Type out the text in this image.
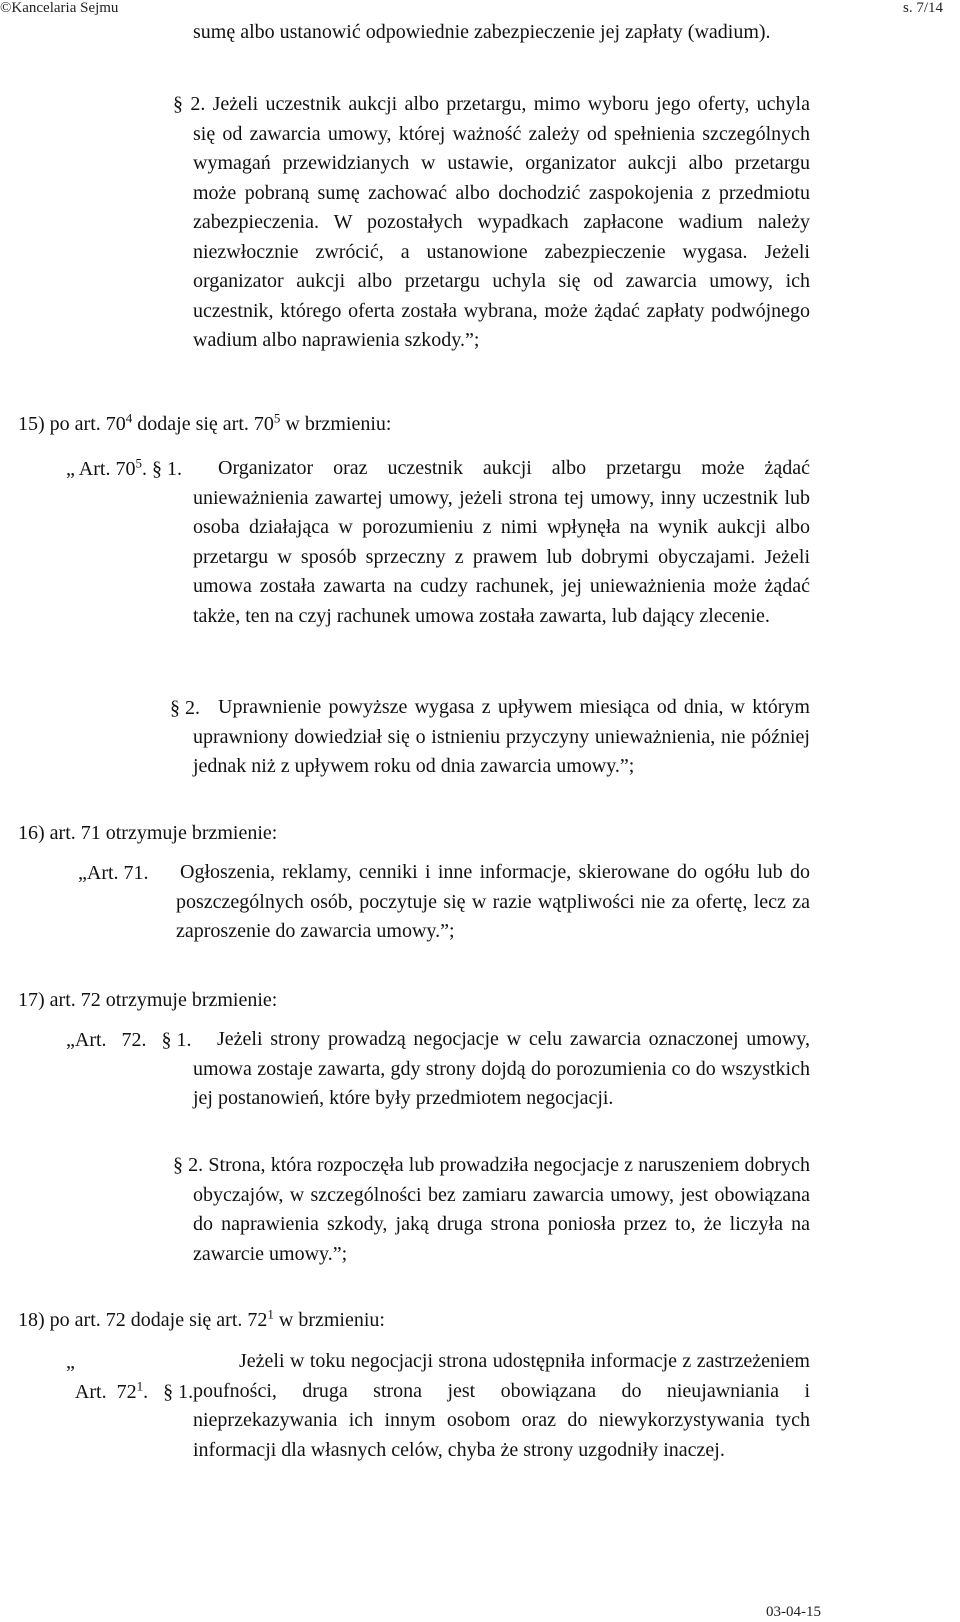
©Kancelaria Sejmu	s. 7/14

sumę albo ustanowić odpowiednie zabezpieczenie jej zapłaty (wadium).

§ 2. Jeżeli uczestnik aukcji albo przetargu, mimo wyboru jego oferty, uchyla się od zawarcia umowy, której ważność zależy od spełnienia szczególnych wymagań przewidzianych w ustawie, organizator aukcji albo przetargu może pobraną sumę zachować albo dochodzić zaspokojenia z przedmiotu zabezpieczenia. W pozostałych wypadkach zapłacone wadium należy niezwłocznie zwrócić, a ustanowione zabezpieczenie wygasa. Jeżeli organizator aukcji albo przetargu uchyla się od zawarcia umowy, ich uczestnik, którego oferta została wybrana, może żądać zapłaty podwójnego wadium albo naprawienia szkody.”;

15) po art. $70^4$ dodaje się art. $70^5$ w brzmieniu:
„ Art. $70^5$. § 1.	Organizator oraz uczestnik aukcji albo przetargu może żądać unieważnienia zawartej umowy, jeżeli strona tej umowy, inny uczestnik lub osoba działająca w porozumieniu z nimi wpłynęła na wynik aukcji albo przetargu w sposób sprzeczny z prawem lub dobrymi obyczajami. Jeżeli umowa została zawarta na cudzy rachunek, jej unieważnienia może żądać także, ten na czyj rachunek umowa została zawarta, lub dający zlecenie.

§ 2. Uprawnienie powyższe wygasa z upływem miesiąca od dnia, w którym uprawniony dowiedział się o istnieniu przyczyny unieważnienia, nie później jednak niż z upływem roku od dnia zawarcia umowy.”;

16) art. 71 otrzymuje brzmienie:
„ Art. 71. Ogłoszenia, reklamy, cenniki i inne informacje, skierowane do ogółu lub do poszczególnych osób, poczytuje się w razie wątpliwości nie za ofertę, lecz za zaproszenie do zawarcia umowy.”;

17) art. 72 otrzymuje brzmienie:
„ Art.   72.   § 1.	Jeżeli strony prowadzą negocjacje w celu zawarcia oznaczonej umowy, umowa zostaje zawarta, gdy strony dojdą do porozumienia co do wszystkich jej postanowień, które były przedmiotem negocjacji.

§ 2. Strona, która rozpoczęła lub prowadziła negocjacje z naruszeniem dobrych obyczajów, w szczególności bez zamiaru zawarcia umowy, jest obowiązana do naprawienia szkody, jaką druga strona poniosła przez to, że liczyła na zawarcie umowy.”;

18) po art. 72 dodaje się art. $72^1$ w brzmieniu:

„ Art.  $72^1$.   § 1.

Jeżeli w toku negocjacji strona udostępniła informacje z zastrzeżeniem poufności, druga strona jest obowiązana do nieujawniania i nieprzekazywania ich innym osobom oraz do niewykorzystywania tych informacji dla własnych celów, chyba że strony uzgodniły inaczej.

03-04-15
